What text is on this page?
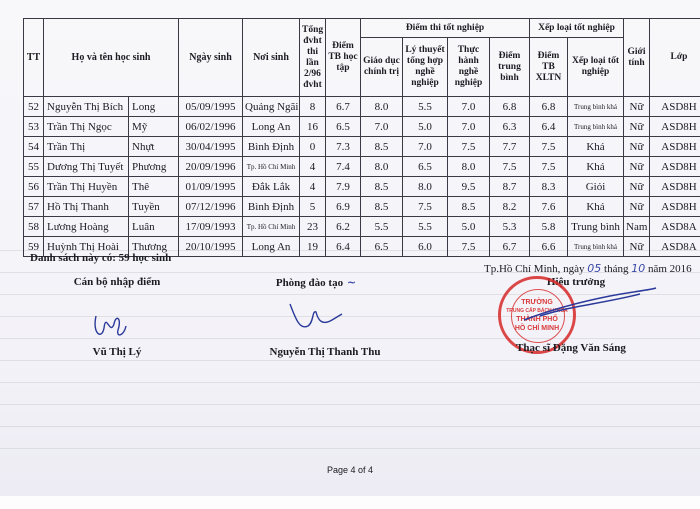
TT	Họ và tên học sinh		Ngày sinh	Nơi sinh	Tổng đvht thi lần 2/96 đvht	Điểm TB học tập	Điểm thi tốt nghiệp				Xếp loại tốt nghiệp		Giới tính	Lớp
							Giáo dục chính trị	Lý thuyết tổng hợp nghề nghiệp	Thực hành nghề nghiệp	Điểm trung bình	Điểm TB XLTN	Xếp loại tốt nghiệp		
52	Nguyễn Thị Bích	Long	05/09/1995	Quảng Ngãi	8	6.7	8.0	5.5	7.0	6.8	6.8	Trung bình khá	Nữ	ASD8H
53	Trần Thị Ngọc	Mỹ	06/02/1996	Long An	16	6.5	7.0	5.0	7.0	6.3	6.4	Trung bình khá	Nữ	ASD8H
54	Trần Thị	Nhựt	30/04/1995	Bình Định	0	7.3	8.5	7.0	7.5	7.7	7.5	Khá	Nữ	ASD8H
55	Dương Thị Tuyết	Phương	20/09/1996	Tp. Hồ Chí Minh	4	7.4	8.0	6.5	8.0	7.5	7.5	Khá	Nữ	ASD8H
56	Trần Thị Huyền	Thê	01/09/1995	Đắk Lắk	4	7.9	8.5	8.0	9.5	8.7	8.3	Giỏi	Nữ	ASD8H
57	Hồ Thị Thanh	Tuyền	07/12/1996	Bình Định	5	6.9	8.5	7.5	8.5	8.2	7.6	Khá	Nữ	ASD8H
58	Lương Hoàng	Luân	17/09/1993	Tp. Hồ Chí Minh	23	6.2	5.5	5.5	5.0	5.3	5.8	Trung bình	Nam	ASD8A
59	Huỳnh Thị Hoài	Thương	20/10/1995	Long An	19	6.4	6.5	6.0	7.5	6.7	6.6	Trung bình khá	Nữ	ASD8A
Danh sách này có: 59 học sinh
Cán bộ nhập điểm
Vũ Thị Lý
Phòng đào tạo ~
Nguyễn Thị Thanh Thu
Tp.Hồ Chí Minh, ngày 05 tháng 10 năm 2016
Hiệu trưởng
TRƯỜNG
TRUNG CẤP BÁCH KHOA
THÀNH PHỐ
HỒ CHÍ MINH
Thạc sĩ Đặng Văn Sáng
Page 4 of 4
